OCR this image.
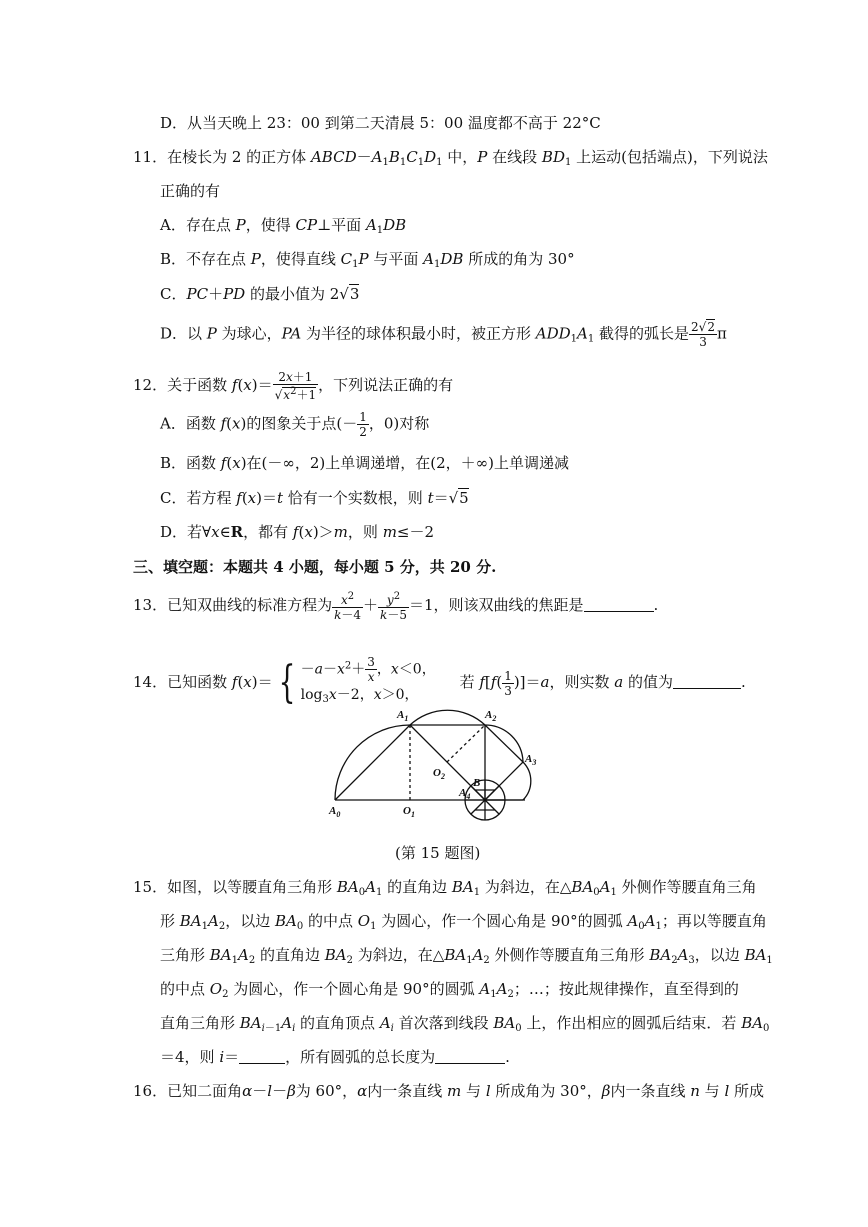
D．从当天晚上 23：00 到第二天清晨 5：00 温度都不高于 22°C
11．在棱长为 2 的正方体 $ABCD-A_1B_1C_1D_1$ 中，P 在线段 $BD_1$ 上运动(包括端点)，下列说法
正确的有
A．存在点 P，使得 CP⊥平面 $A_1DB$
B．不存在点 P，使得直线 $C_1P$ 与平面 $A_1DB$ 所成的角为 30°
C．PC＋PD 的最小值为 2√3
D．以 P 为球心，PA 为半径的球体积最小时，被正方形 $ADD_1A_1$ 截得的弧长是 $\frac{2√2}{3}$ π
12．关于函数 $f(x)= \frac{2x+1}{√x^2+1}$ ，下列说法正确的有
A．函数 f(x)的图象关于点(－ $\frac{1}{2}$ ，0)对称
B．函数 f(x)在(－∞，2)上单调递增，在(2，＋∞)上单调递减
C．若方程 f(x)＝t 恰有一个实数根，则 t＝√5
D．若∀x∈R，都有 f(x)＞m，则 m≤－2
三、填空题：本题共 4 小题，每小题 5 分，共 20 分.
13．已知双曲线的标准方程为 $\frac{x^2}{k-4} + \frac{y^2}{k-5} =1$，则该双曲线的焦距是	.
14．已知函数 f(x)＝ { $-a-x^2+ \frac{3}{x}$ ，x＜0，
$\log_3x-2$，x＞0，     若 $f[f( \frac{1}{3} )]=a$，则实数 a 的值为	.
$A_1$	$A_2$
$A_3$
$A_0$	$O_1$
$O_2$
B
$A_4$
(第 15 题图)
15．如图，以等腰直角三角形 $BA_0A_1$ 的直角边 $BA_1$ 为斜边，在$\triangle BA_0A_1$ 外侧作等腰直角三角
形 $BA_1A_2$，以边 $BA_0$ 的中点 $O_1$ 为圆心，作一个圆心角是 90°的圆弧 $A_0A_1$；再以等腰直角
三角形 $BA_1A_2$ 的直角边 $BA_2$ 为斜边，在$\triangle BA_1A_2$ 外侧作等腰直角三角形 $BA_2A_3$，以边 $BA_1$
的中点 $O_2$ 为圆心，作一个圆心角是 90°的圆弧 $A_1A_2$；…；按此规律操作，直至得到的
直角三角形 $BA_{i-1}A_i$ 的直角顶点 $A_i$ 首次落到线段 $BA_0$ 上，作出相应的圆弧后结束．若 $BA_0$
＝4，则 i＝	，所有圆弧的总长度为	.
16．已知二面角α－l－β为 60°，α内一条直线 m 与 l 所成角为 30°，β内一条直线 n 与 l 所成
